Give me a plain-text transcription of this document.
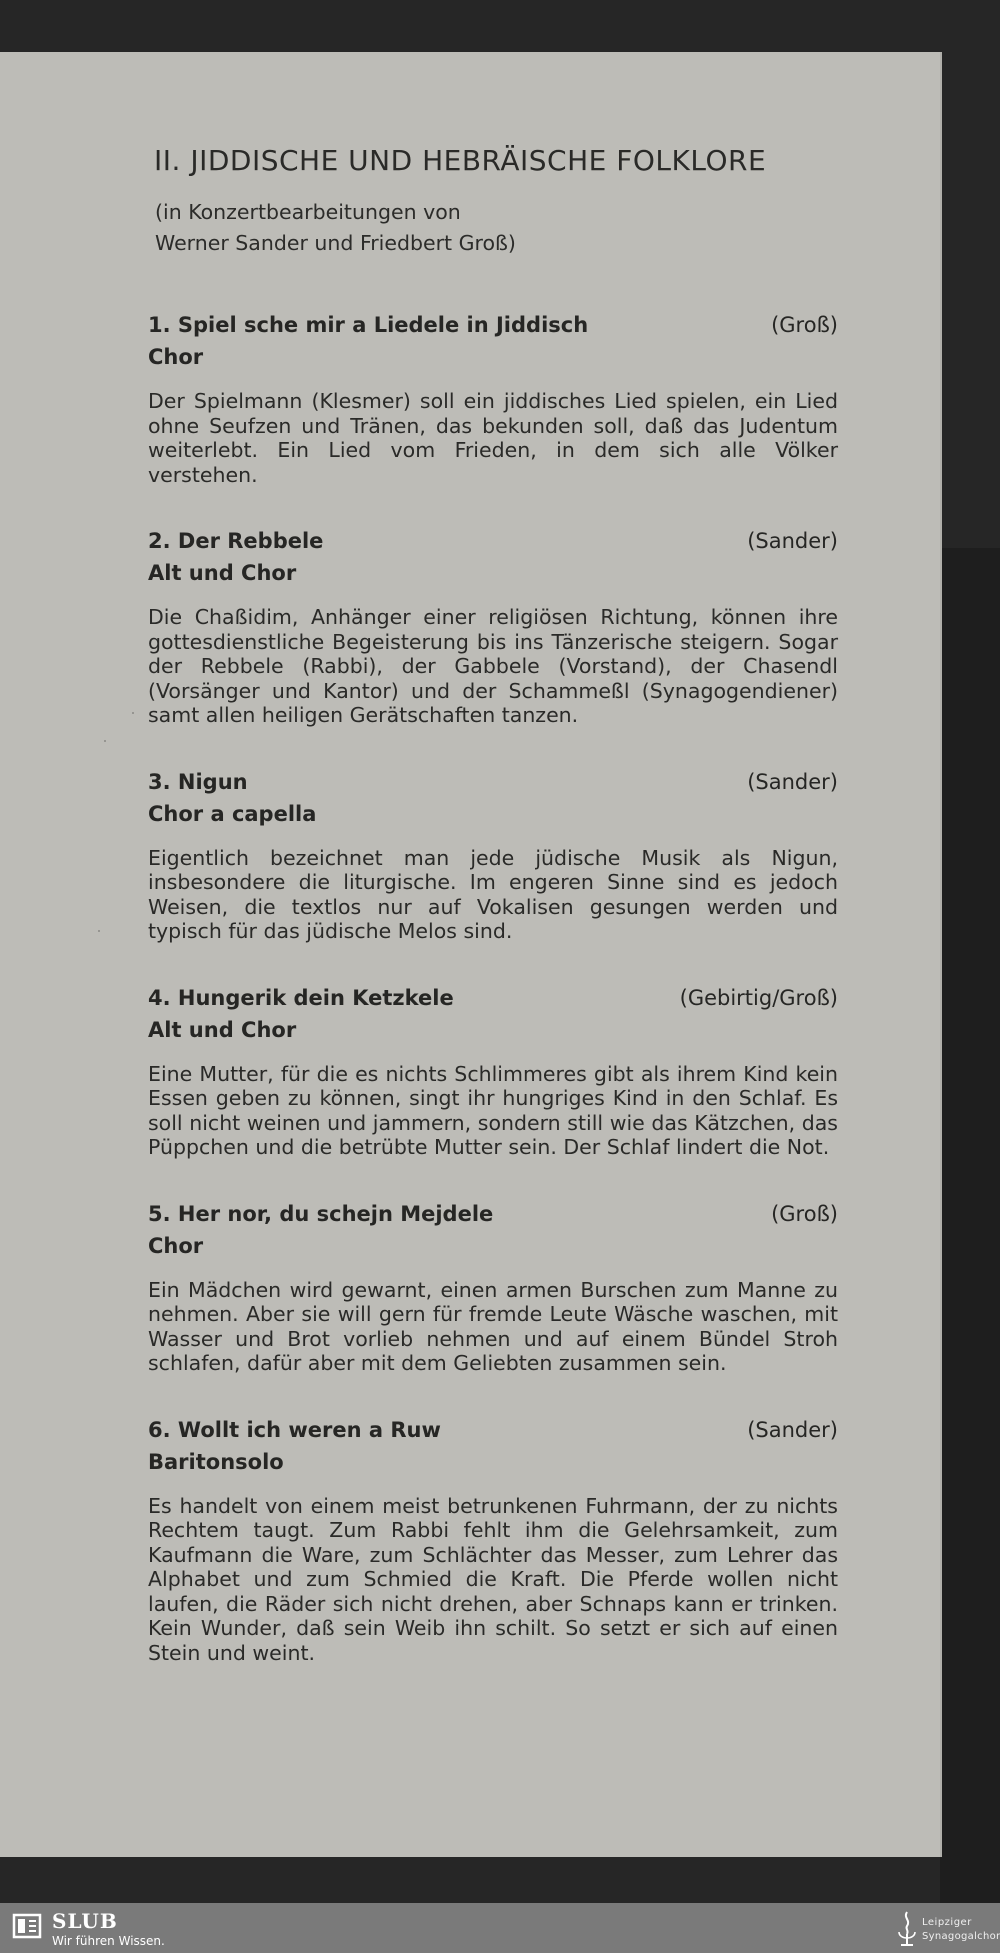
II. JIDDISCHE UND HEBRÄISCHE FOLKLORE
(in Konzertbearbeitungen von
Werner Sander und Friedbert Groß)
1. Spiel sche mir a Liedele in Jiddisch	(Groß)
Chor

Der Spielmann (Klesmer) soll ein jiddisches Lied spielen, ein Lied ohne Seufzen und Tränen, das bekunden soll, daß das Judentum weiterlebt. Ein Lied vom Frieden, in dem sich alle Völker verstehen.

2. Der Rebbele	(Sander)
Alt und Chor

Die Chaßidim, Anhänger einer religiösen Richtung, können ihre gottesdienstliche Begeisterung bis ins Tänzerische steigern. Sogar der Rebbele (Rabbi), der Gabbele (Vorstand), der Chasendl (Vorsänger und Kantor) und der Schammeßl (Synagogendiener) samt allen heiligen Gerätschaften tanzen.

3. Nigun	(Sander)
Chor a capella

Eigentlich bezeichnet man jede jüdische Musik als Nigun, insbesondere die liturgische. Im engeren Sinne sind es jedoch Weisen, die textlos nur auf Vokalisen gesungen werden und typisch für das jüdische Melos sind.

4. Hungerik dein Ketzkele	(Gebirtig/Groß)
Alt und Chor

Eine Mutter, für die es nichts Schlimmeres gibt als ihrem Kind kein Essen geben zu können, singt ihr hungriges Kind in den Schlaf. Es soll nicht weinen und jammern, sondern still wie das Kätzchen, das Püppchen und die betrübte Mutter sein. Der Schlaf lindert die Not.

5. Her nor, du schejn Mejdele	(Groß)
Chor

Ein Mädchen wird gewarnt, einen armen Burschen zum Manne zu nehmen. Aber sie will gern für fremde Leute Wäsche waschen, mit Wasser und Brot vorlieb nehmen und auf einem Bündel Stroh schlafen, dafür aber mit dem Geliebten zusammen sein.

6. Wollt ich weren a Ruw	(Sander)
Baritonsolo

Es handelt von einem meist betrunkenen Fuhrmann, der zu nichts Rechtem taugt. Zum Rabbi fehlt ihm die Gelehrsamkeit, zum Kaufmann die Ware, zum Schlächter das Messer, zum Lehrer das Alphabet und zum Schmied die Kraft. Die Pferde wollen nicht laufen, die Räder sich nicht drehen, aber Schnaps kann er trinken. Kein Wunder, daß sein Weib ihn schilt. So setzt er sich auf einen Stein und weint.

SLUB
Wir führen Wissen.
Leipziger
Synagogalchor
